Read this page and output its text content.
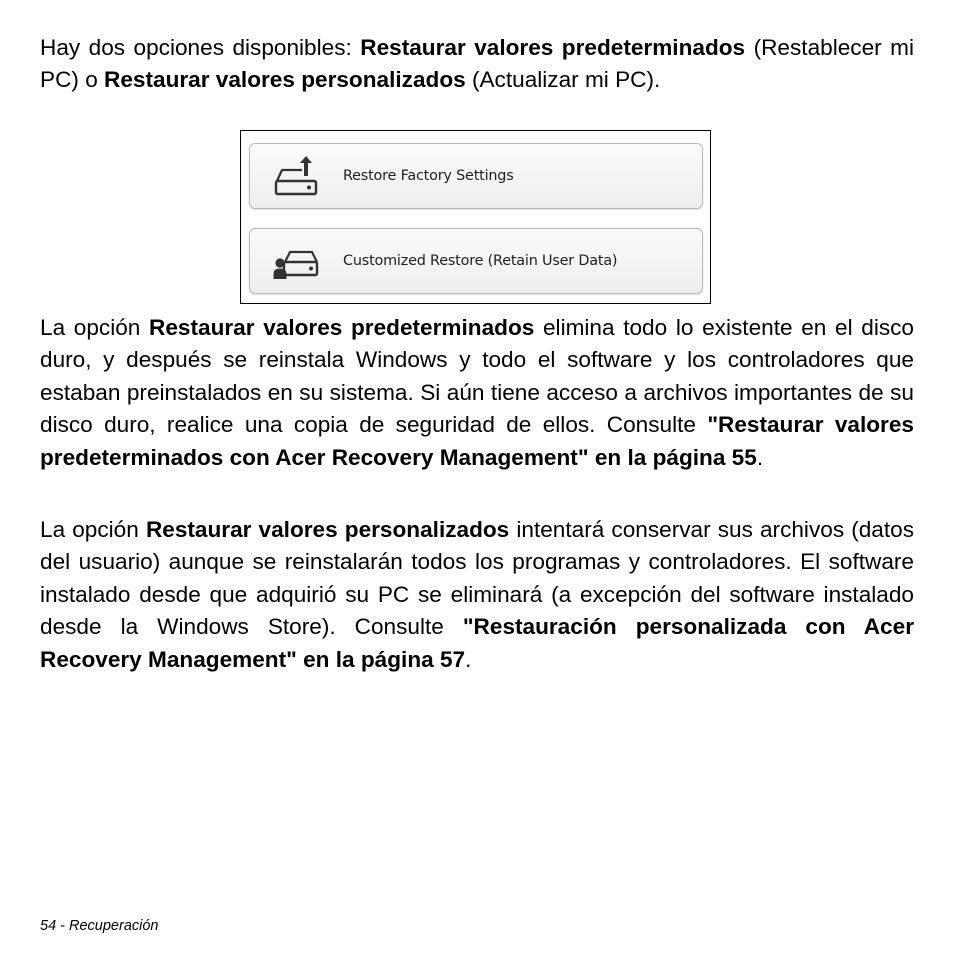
Hay dos opciones disponibles: Restaurar valores predeterminados (Restablecer mi PC) o Restaurar valores personalizados (Actualizar mi PC).

Restore Factory Settings
Customized Restore (Retain User Data)

La opción Restaurar valores predeterminados elimina todo lo existente en el disco duro, y después se reinstala Windows y todo el software y los controladores que estaban preinstalados en su sistema. Si aún tiene acceso a archivos importantes de su disco duro, realice una copia de seguridad de ellos. Consulte "Restaurar valores predeterminados con Acer Recovery Management" en la página 55.

La opción Restaurar valores personalizados intentará conservar sus archivos (datos del usuario) aunque se reinstalarán todos los programas y controladores. El software instalado desde que adquirió su PC se eliminará (a excepción del software instalado desde la Windows Store). Consulte "Restauración personalizada con Acer Recovery Management" en la página 57.

54 - Recuperación
